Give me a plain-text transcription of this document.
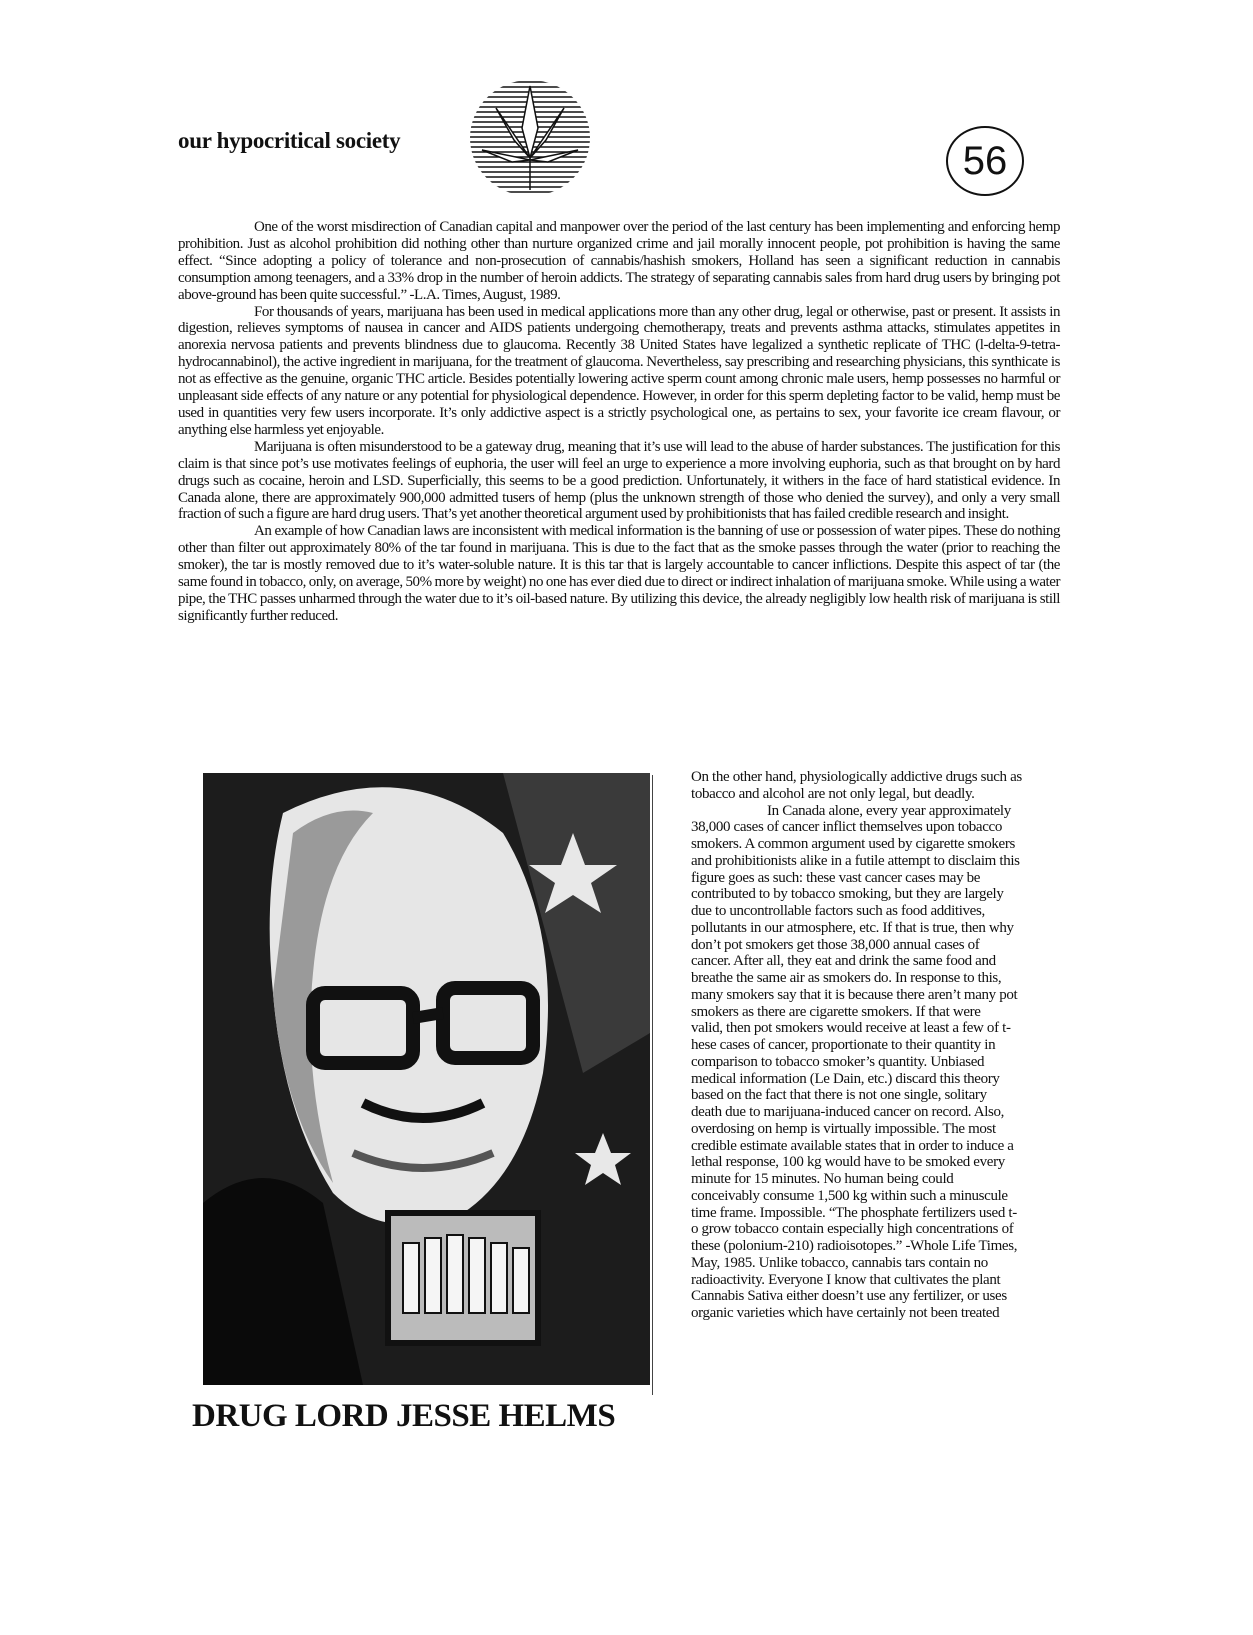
our hypocritical society	56

One of the worst misdirection of Canadian capital and manpower over the period of the last century has been implementing and enforcing hemp prohibition. Just as alcohol prohibition did nothing other than nurture organized crime and jail morally innocent people, pot prohibition is having the same effect. “Since adopting a policy of tolerance and non-prosecution of cannabis/hashish smokers, Holland has seen a significant reduction in cannabis consumption among teenagers, and a 33% drop in the number of heroin addicts. The strategy of separating cannabis sales from hard drug users by bringing pot above-ground has been quite successful.” -L.A. Times, August, 1989.

For thousands of years, marijuana has been used in medical applications more than any other drug, legal or otherwise, past or present. It assists in digestion, relieves symptoms of nausea in cancer and AIDS patients undergoing chemotherapy, treats and prevents asthma attacks, stimulates appetites in anorexia nervosa patients and prevents blindness due to glaucoma. Recently 38 United States have legalized a synthetic replicate of THC (l-delta-9-tetra-hydrocannabinol), the active ingredient in marijuana, for the treatment of glaucoma. Nevertheless, say prescribing and researching physicians, this synthicate is not as effective as the genuine, organic THC article. Besides potentially lowering active sperm count among chronic male users, hemp possesses no harmful or unpleasant side effects of any nature or any potential for physiological dependence. However, in order for this sperm depleting factor to be valid, hemp must be used in quantities very few users incorporate. It’s only addictive aspect is a strictly psychological one, as pertains to sex, your favorite ice cream flavour, or anything else harmless yet enjoyable.

Marijuana is often misunderstood to be a gateway drug, meaning that it’s use will lead to the abuse of harder substances. The justification for this claim is that since pot’s use motivates feelings of euphoria, the user will feel an urge to experience a more involving euphoria, such as that brought on by hard drugs such as cocaine, heroin and LSD. Superficially, this seems to be a good prediction. Unfortunately, it withers in the face of hard statistical evidence. In Canada alone, there are approximately 900,000 admitted tusers of hemp (plus the unknown strength of those who denied the survey), and only a very small fraction of such a figure are hard drug users. That’s yet another theoretical argument used by prohibitionists that has failed credible research and insight.

An example of how Canadian laws are inconsistent with medical information is the banning of use or possession of water pipes. These do nothing other than filter out approximately 80% of the tar found in marijuana. This is due to the fact that as the smoke passes through the water (prior to reaching the smoker), the tar is mostly removed due to it’s water-soluble nature. It is this tar that is largely accountable to cancer inflictions. Despite this aspect of tar (the same found in tobacco, only, on average, 50% more by weight) no one has ever died due to direct or indirect inhalation of marijuana smoke. While using a water pipe, the THC passes unharmed through the water due to it’s oil-based nature. By utilizing this device, the already negligibly low health risk of marijuana is still significantly further reduced.

DRUG LORD JESSE HELMS
On the other hand, physiologically addictive drugs such as
tobacco and alcohol are not only legal, but deadly.
In Canada alone, every year approximately
38,000 cases of cancer inflict themselves upon tobacco
smokers. A common argument used by cigarette smokers
and prohibitionists alike in a futile attempt to disclaim this
figure goes as such: these vast cancer cases may be
contributed to by tobacco smoking, but they are largely
due to uncontrollable factors such as food additives,
pollutants in our atmosphere, etc. If that is true, then why
don’t pot smokers get those 38,000 annual cases of
cancer. After all, they eat and drink the same food and
breathe the same air as smokers do. In response to this,
many smokers say that it is because there aren’t many pot
smokers as there are cigarette smokers. If that were
valid, then pot smokers would receive at least a few of t-
hese cases of cancer, proportionate to their quantity in
comparison to tobacco smoker’s quantity. Unbiased
medical information (Le Dain, etc.) discard this theory
based on the fact that there is not one single, solitary
death due to marijuana-induced cancer on record. Also,
overdosing on hemp is virtually impossible. The most
credible estimate available states that in order to induce a
lethal response, 100 kg would have to be smoked every
minute for 15 minutes. No human being could
conceivably consume 1,500 kg within such a minuscule
time frame. Impossible. “The phosphate fertilizers used t-
o grow tobacco contain especially high concentrations of
these (polonium-210) radioisotopes.” -Whole Life Times,
May, 1985. Unlike tobacco, cannabis tars contain no
radioactivity. Everyone I know that cultivates the plant
Cannabis Sativa either doesn’t use any fertilizer, or uses
organic varieties which have certainly not been treated
